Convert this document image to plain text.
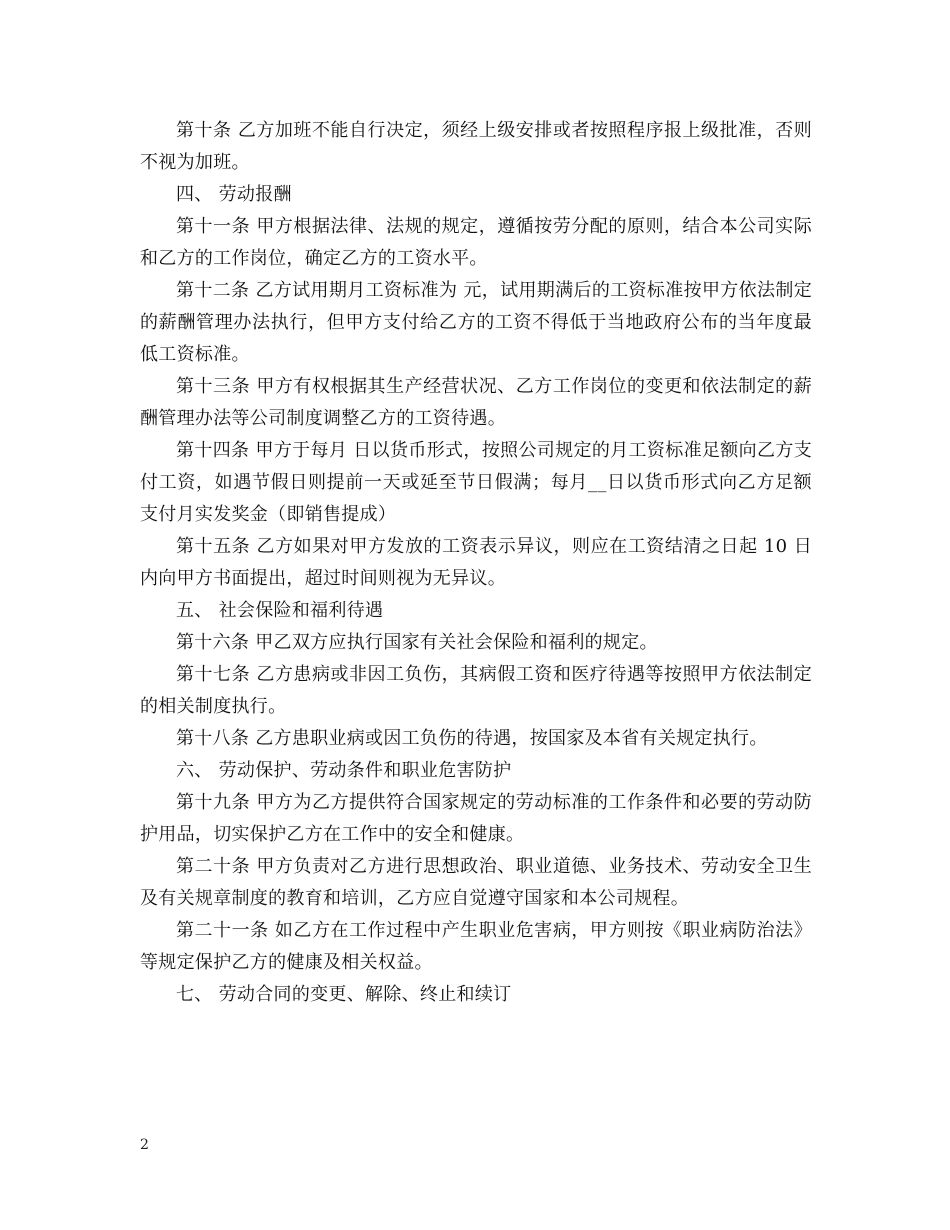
第十条 乙方加班不能自行决定，须经上级安排或者按照程序报上级批准，否则不视为加班。

四、 劳动报酬

第十一条 甲方根据法律、法规的规定，遵循按劳分配的原则，结合本公司实际和乙方的工作岗位，确定乙方的工资水平。

第十二条 乙方试用期月工资标准为 元，试用期满后的工资标准按甲方依法制定的薪酬管理办法执行，但甲方支付给乙方的工资不得低于当地政府公布的当年度最低工资标准。

第十三条 甲方有权根据其生产经营状况、乙方工作岗位的变更和依法制定的薪酬管理办法等公司制度调整乙方的工资待遇。

第十四条 甲方于每月 日以货币形式，按照公司规定的月工资标准足额向乙方支付工资，如遇节假日则提前一天或延至节日假满；每月__日以货币形式向乙方足额支付月实发奖金（即销售提成）

第十五条 乙方如果对甲方发放的工资表示异议，则应在工资结清之日起 10 日内向甲方书面提出，超过时间则视为无异议。

五、 社会保险和福利待遇

第十六条 甲乙双方应执行国家有关社会保险和福利的规定。

第十七条 乙方患病或非因工负伤，其病假工资和医疗待遇等按照甲方依法制定的相关制度执行。

第十八条 乙方患职业病或因工负伤的待遇，按国家及本省有关规定执行。

六、 劳动保护、劳动条件和职业危害防护

第十九条 甲方为乙方提供符合国家规定的劳动标准的工作条件和必要的劳动防护用品，切实保护乙方在工作中的安全和健康。

第二十条 甲方负责对乙方进行思想政治、职业道德、业务技术、劳动安全卫生及有关规章制度的教育和培训，乙方应自觉遵守国家和本公司规程。

第二十一条 如乙方在工作过程中产生职业危害病，甲方则按《职业病防治法》等规定保护乙方的健康及相关权益。

七、 劳动合同的变更、解除、终止和续订

2
